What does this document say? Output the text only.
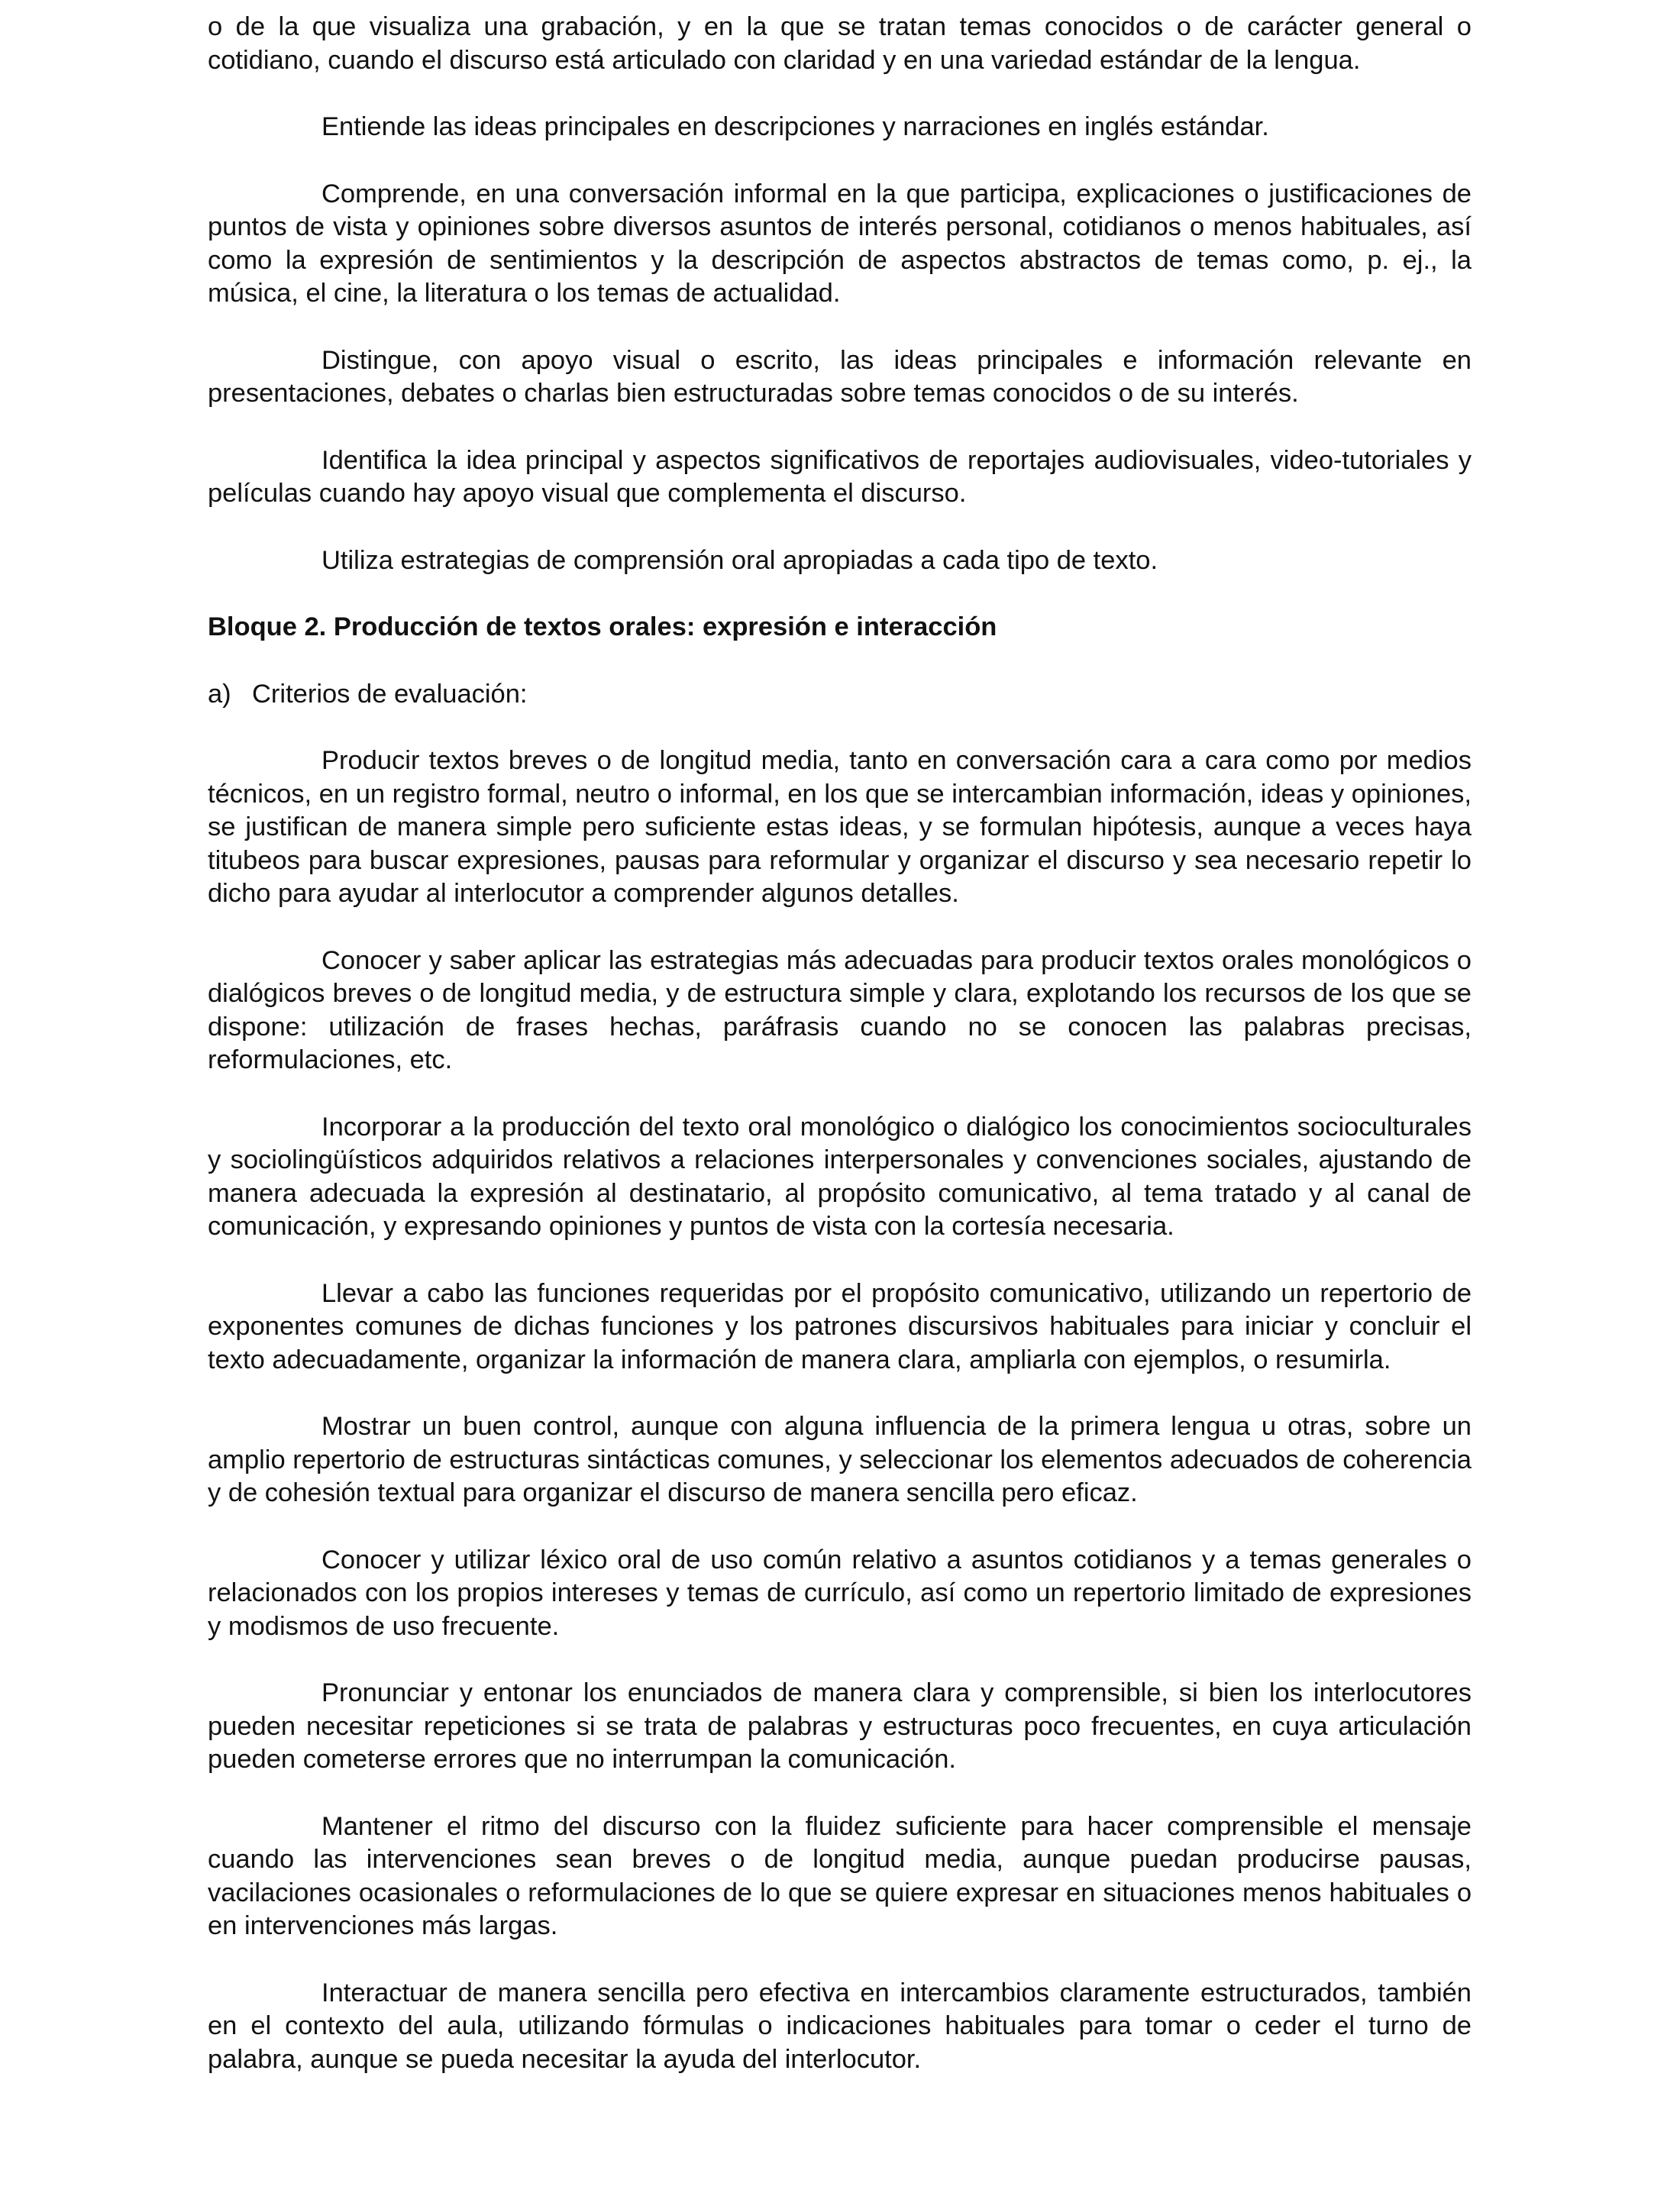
o de la que visualiza una grabación, y en la que se tratan temas conocidos o de carácter general o cotidiano, cuando el discurso está articulado con claridad y en una variedad estándar de la lengua.

Entiende las ideas principales en descripciones y narraciones en inglés estándar.

Comprende, en una conversación informal en la que participa, explicaciones o justificaciones de puntos de vista y opiniones sobre diversos asuntos de interés personal, cotidianos o menos habituales, así como la expresión de sentimientos y la descripción de aspectos abstractos de temas como, p. ej., la música, el cine, la literatura o los temas de actualidad.

Distingue, con apoyo visual o escrito, las ideas principales e información relevante en presentaciones, debates o charlas bien estructuradas sobre temas conocidos o de su interés.

Identifica la idea principal y aspectos significativos de reportajes audiovisuales, video-tutoriales y películas cuando hay apoyo visual que complementa el discurso.

Utiliza estrategias de comprensión oral apropiadas a cada tipo de texto.

Bloque 2. Producción de textos orales: expresión e interacción
a) Criterios de evaluación:

Producir textos breves o de longitud media, tanto en conversación cara a cara como por medios técnicos, en un registro formal, neutro o informal, en los que se intercambian información, ideas y opiniones, se justifican de manera simple pero suficiente estas ideas, y se formulan hipótesis, aunque a veces haya titubeos para buscar expresiones, pausas para reformular y organizar el discurso y sea necesario repetir lo dicho para ayudar al interlocutor a comprender algunos detalles.

Conocer y saber aplicar las estrategias más adecuadas para producir textos orales monológicos o dialógicos breves o de longitud media, y de estructura simple y clara, explotando los recursos de los que se dispone: utilización de frases hechas, paráfrasis cuando no se conocen las palabras precisas, reformulaciones, etc.

Incorporar a la producción del texto oral monológico o dialógico los conocimientos socioculturales y sociolingüísticos adquiridos relativos a relaciones interpersonales y convenciones sociales, ajustando de manera adecuada la expresión al destinatario, al propósito comunicativo, al tema tratado y al canal de comunicación, y expresando opiniones y puntos de vista con la cortesía necesaria.

Llevar a cabo las funciones requeridas por el propósito comunicativo, utilizando un repertorio de exponentes comunes de dichas funciones y los patrones discursivos habituales para iniciar y concluir el texto adecuadamente, organizar la información de manera clara, ampliarla con ejemplos, o resumirla.

Mostrar un buen control, aunque con alguna influencia de la primera lengua u otras, sobre un amplio repertorio de estructuras sintácticas comunes, y seleccionar los elementos adecuados de coherencia y de cohesión textual para organizar el discurso de manera sencilla pero eficaz.

Conocer y utilizar léxico oral de uso común relativo a asuntos cotidianos y a temas generales o relacionados con los propios intereses y temas de currículo, así como un repertorio limitado de expresiones y modismos de uso frecuente.

Pronunciar y entonar los enunciados de manera clara y comprensible, si bien los interlocutores pueden necesitar repeticiones si se trata de palabras y estructuras poco frecuentes, en cuya articulación pueden cometerse errores que no interrumpan la comunicación.

Mantener el ritmo del discurso con la fluidez suficiente para hacer comprensible el mensaje cuando las intervenciones sean breves o de longitud media, aunque puedan producirse pausas, vacilaciones ocasionales o reformulaciones de lo que se quiere expresar en situaciones menos habituales o en intervenciones más largas.

Interactuar de manera sencilla pero efectiva en intercambios claramente estructurados, también en el contexto del aula, utilizando fórmulas o indicaciones habituales para tomar o ceder el turno de palabra, aunque se pueda necesitar la ayuda del interlocutor.
